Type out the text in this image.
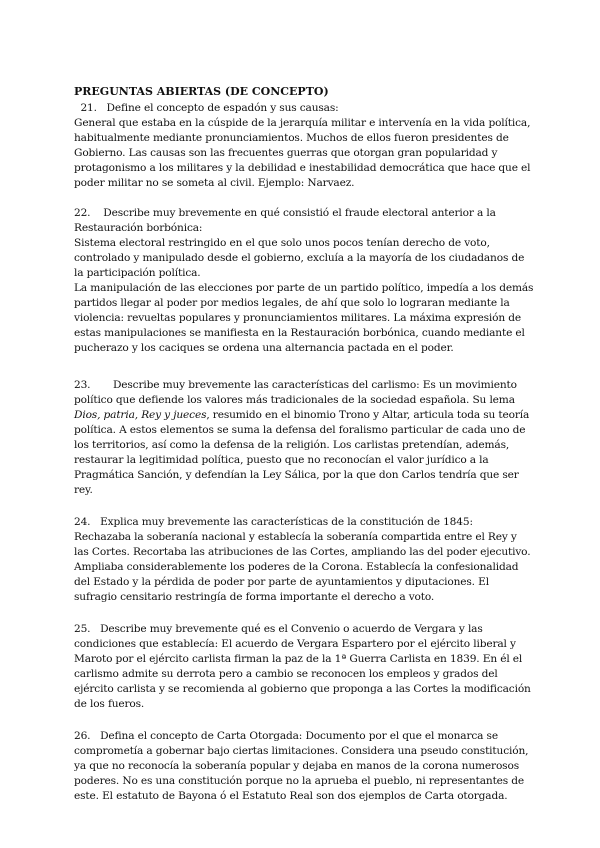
PREGUNTAS ABIERTAS (DE CONCEPTO)
21. Define el concepto de espadón y sus causas:

General que estaba en la cúspide de la jerarquía militar e intervenía en la vida política, habitualmente mediante pronunciamientos. Muchos de ellos fueron presidentes de Gobierno. Las causas son las frecuentes guerras que otorgan gran popularidad y protagonismo a los militares y la debilidad e inestabilidad democrática que hace que el poder militar no se someta al civil. Ejemplo: Narvaez.

22. Describe muy brevemente en qué consistió el fraude electoral anterior a la Restauración borbónica:

Sistema electoral restringido en el que solo unos pocos tenían derecho de voto, controlado y manipulado desde el gobierno, excluía a la mayoría de los ciudadanos de la participación política.

La manipulación de las elecciones por parte de un partido político, impedía a los demás partidos llegar al poder por medios legales, de ahí que solo lo lograran mediante la violencia: revueltas populares y pronunciamientos militares. La máxima expresión de estas manipulaciones se manifiesta en la Restauración borbónica, cuando mediante el pucherazo y los caciques se ordena una alternancia pactada en el poder.

23. Describe muy brevemente las características del carlismo: Es un movimiento político que defiende los valores más tradicionales de la sociedad española. Su lema Dios, patria, Rey y jueces, resumido en el binomio Trono y Altar, articula toda su teoría política. A estos elementos se suma la defensa del foralismo particular de cada uno de los territorios, así como la defensa de la religión. Los carlistas pretendían, además, restaurar la legitimidad política, puesto que no reconocían el valor jurídico a la Pragmática Sanción, y defendían la Ley Sálica, por la que don Carlos tendría que ser rey.

24. Explica muy brevemente las características de la constitución de 1845:

Rechazaba la soberanía nacional y establecía la soberanía compartida entre el Rey y las Cortes. Recortaba las atribuciones de las Cortes, ampliando las del poder ejecutivo. Ampliaba considerablemente los poderes de la Corona. Establecía la confesionalidad del Estado y la pérdida de poder por parte de ayuntamientos y diputaciones. El sufragio censitario restringía de forma importante el derecho a voto.

25. Describe muy brevemente qué es el Convenio o acuerdo de Vergara y las condiciones que establecía: El acuerdo de Vergara Espartero por el ejército liberal y Maroto por el ejército carlista firman la paz de la 1ª Guerra Carlista en 1839. En él el carlismo admite su derrota pero a cambio se reconocen los empleos y grados del ejército carlista y se recomienda al gobierno que proponga a las Cortes la modificación de los fueros.

26. Defina el concepto de Carta Otorgada: Documento por el que el monarca se comprometía a gobernar bajo ciertas limitaciones. Considera una pseudo constitución, ya que no reconocía la soberanía popular y dejaba en manos de la corona numerosos poderes. No es una constitución porque no la aprueba el pueblo, ni representantes de este. El estatuto de Bayona ó el Estatuto Real son dos ejemplos de Carta otorgada.
